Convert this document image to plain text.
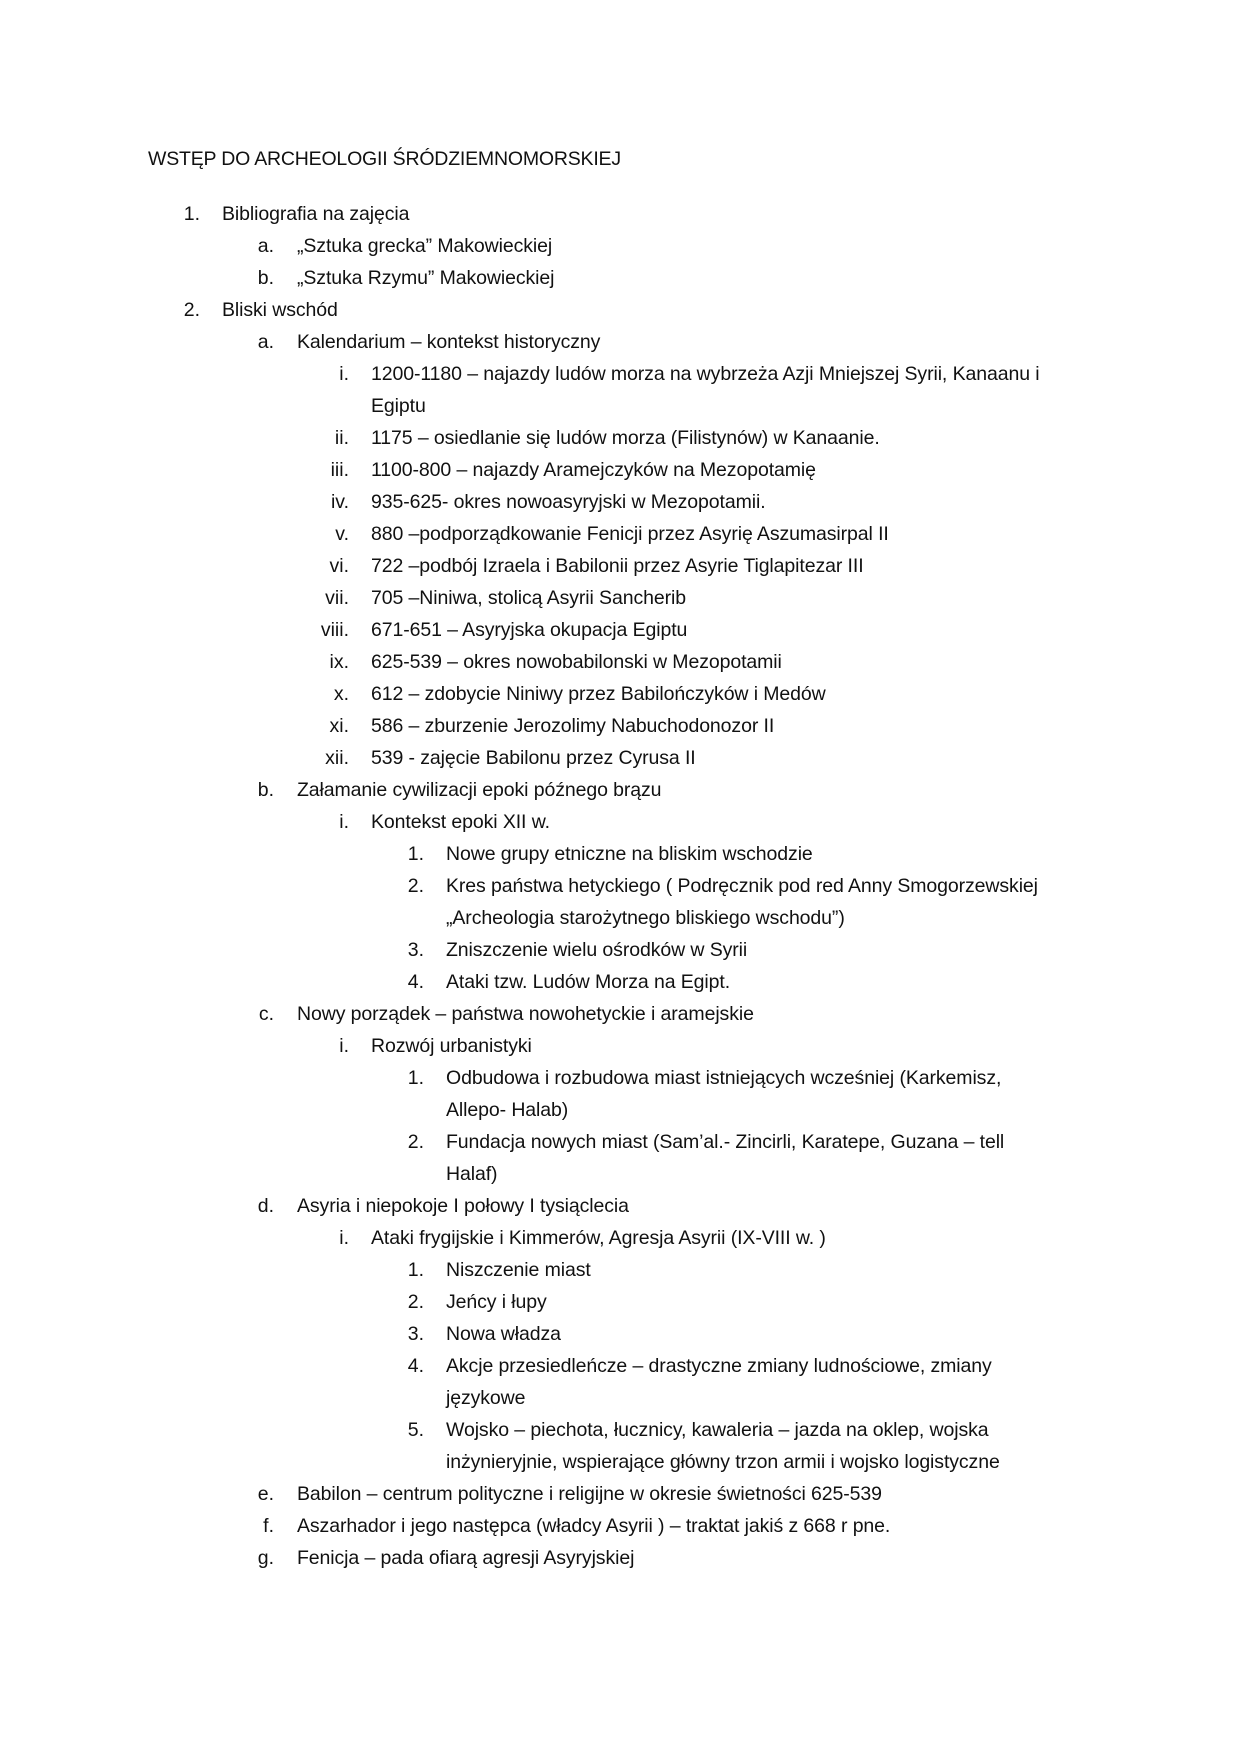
WSTĘP DO ARCHEOLOGII ŚRÓDZIEMNOMORSKIEJ
1. Bibliografia na zajęcia
a. „Sztuka grecka” Makowieckiej
b. „Sztuka Rzymu” Makowieckiej
2. Bliski wschód
a. Kalendarium – kontekst historyczny
i. 1200-1180 – najazdy ludów morza na wybrzeża Azji Mniejszej Syrii, Kanaanu i
Egiptu
ii. 1175 – osiedlanie się ludów morza (Filistynów) w Kanaanie.
iii. 1100-800 – najazdy Aramejczyków na Mezopotamię
iv. 935-625- okres nowoasyryjski w Mezopotamii.
v. 880 –podporządkowanie Fenicji przez Asyrię Aszumasirpal II
vi. 722 –podbój Izraela i Babilonii przez Asyrie Tiglapitezar III
vii. 705 –Niniwa, stolicą Asyrii Sancherib
viii. 671-651 – Asyryjska okupacja Egiptu
ix. 625-539 – okres nowobabilonski w Mezopotamii
x. 612 – zdobycie Niniwy przez Babilończyków i Medów
xi. 586 – zburzenie Jerozolimy Nabuchodonozor II
xii. 539 - zajęcie Babilonu przez Cyrusa II
b. Załamanie cywilizacji epoki późnego brązu
i. Kontekst epoki XII w.
1. Nowe grupy etniczne na bliskim wschodzie
2. Kres państwa hetyckiego ( Podręcznik pod red Anny Smogorzewskiej
„Archeologia starożytnego bliskiego wschodu”)
3. Zniszczenie wielu ośrodków w Syrii
4. Ataki tzw. Ludów Morza na Egipt.
c. Nowy porządek – państwa nowohetyckie i aramejskie
i. Rozwój urbanistyki
1. Odbudowa i rozbudowa miast istniejących wcześniej (Karkemisz,
Allepo- Halab)
2. Fundacja nowych miast (Sam’al.- Zincirli, Karatepe, Guzana – tell
Halaf)
d. Asyria i niepokoje I połowy I tysiąclecia
i. Ataki frygijskie i Kimmerów, Agresja Asyrii (IX-VIII w. )
1. Niszczenie miast
2. Jeńcy i łupy
3. Nowa władza
4. Akcje przesiedleńcze – drastyczne zmiany ludnościowe, zmiany
językowe
5. Wojsko – piechota, łucznicy, kawaleria – jazda na oklep, wojska
inżynieryjnie, wspierające główny trzon armii i wojsko logistyczne
e. Babilon – centrum polityczne i religijne w okresie świetności 625-539
f. Aszarhador i jego następca (władcy Asyrii ) – traktat jakiś z 668 r pne.
g. Fenicja – pada ofiarą agresji Asyryjskiej
